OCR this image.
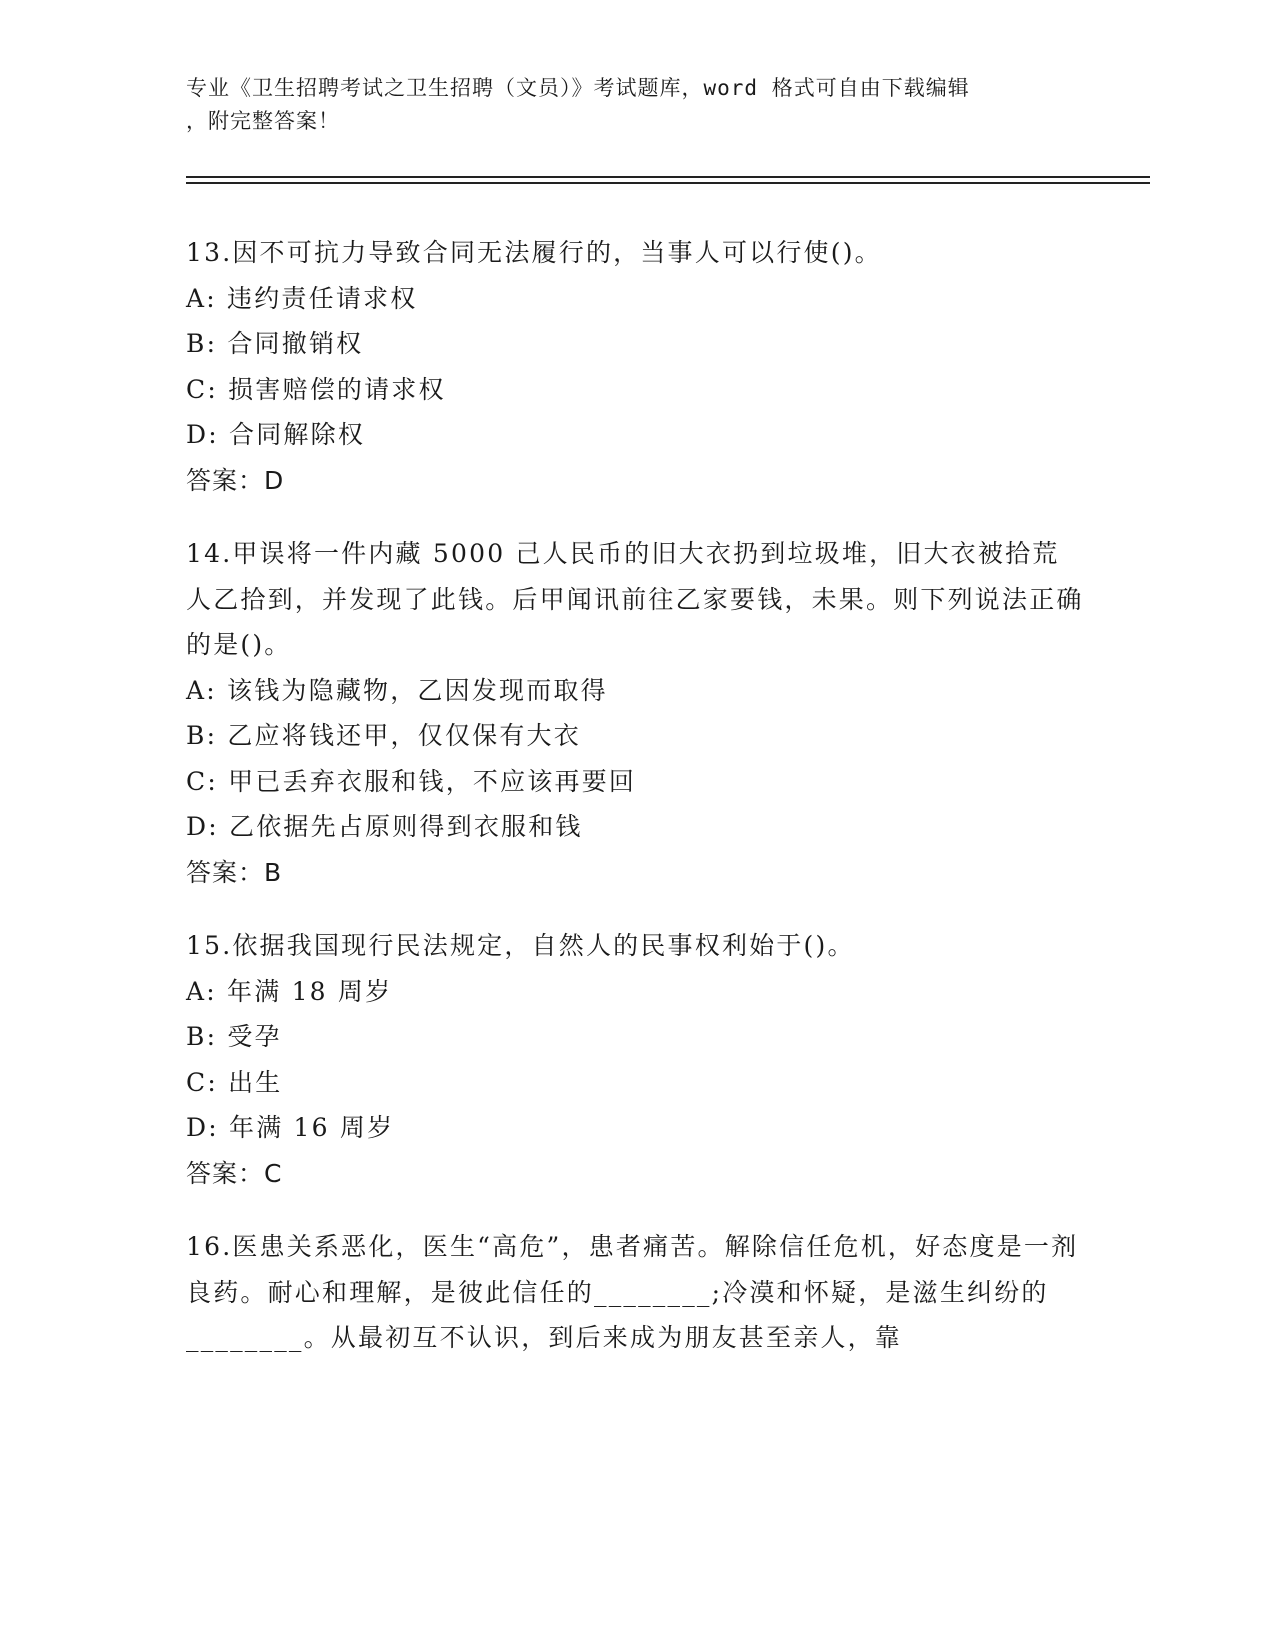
专业《卫生招聘考试之卫生招聘（文员）》考试题库，word 格式可自由下载编辑
，附完整答案！
13.因不可抗力导致合同无法履行的，当事人可以行使()。
A: 违约责任请求权
B: 合同撤销权
C: 损害赔偿的请求权
D: 合同解除权
答案：D
14.甲误将一件内藏 5000 己人民币的旧大衣扔到垃圾堆，旧大衣被拾荒人乙拾到，并发现了此钱。后甲闻讯前往乙家要钱，未果。则下列说法正确的是()。
A: 该钱为隐藏物，乙因发现而取得
B: 乙应将钱还甲，仅仅保有大衣
C: 甲已丢弃衣服和钱，不应该再要回
D: 乙依据先占原则得到衣服和钱
答案：B
15.依据我国现行民法规定，自然人的民事权利始于()。
A: 年满 18 周岁
B: 受孕
C: 出生
D: 年满 16 周岁
答案：C
16.医患关系恶化，医生“高危”，患者痛苦。解除信任危机，好态度是一剂良药。耐心和理解，是彼此信任的________;冷漠和怀疑，是滋生纠纷的________。从最初互不认识，到后来成为朋友甚至亲人，靠
